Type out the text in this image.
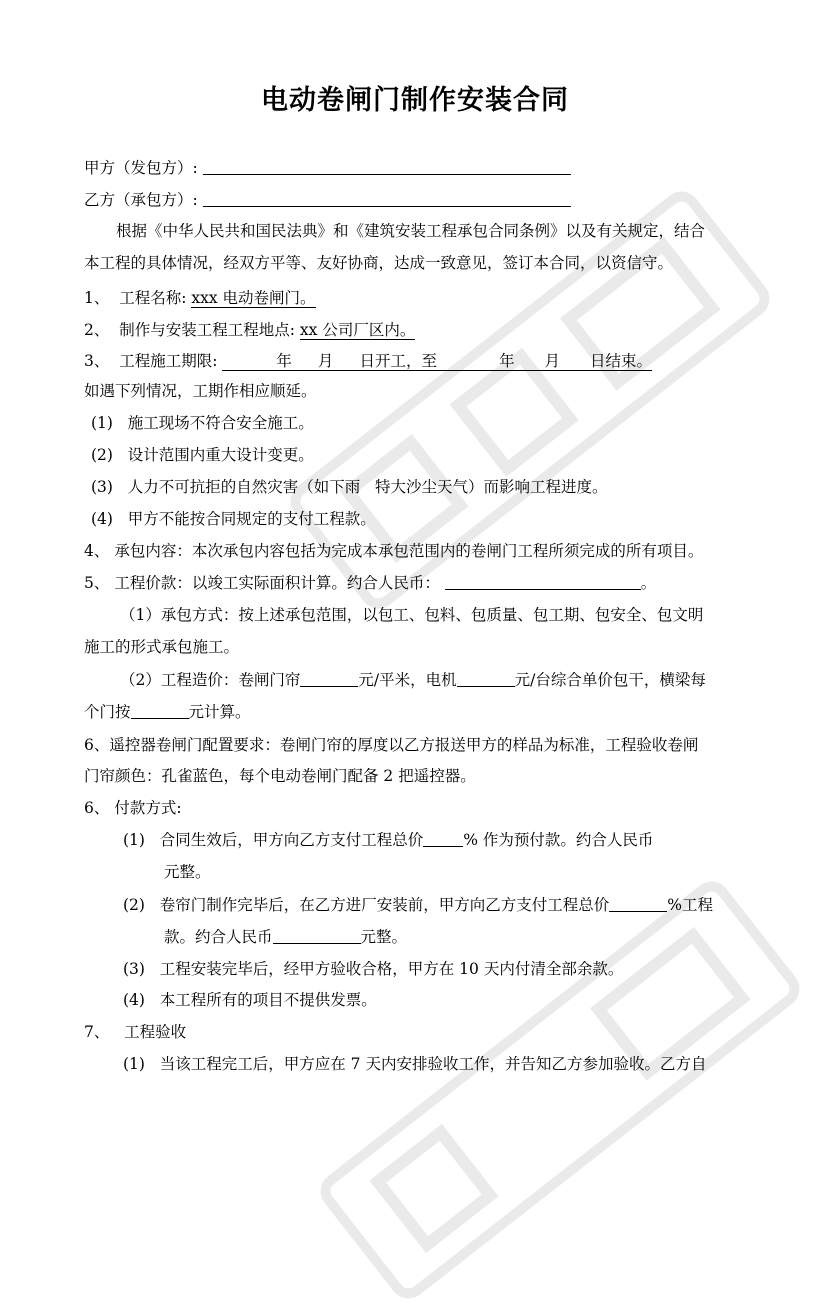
电动卷闸门制作安装合同
甲方（发包方）:
乙方（承包方）:
根据《中华人民共和国民法典》和《建筑安装工程承包合同条例》以及有关规定，结合
本工程的具体情况，经双方平等、友好协商，达成一致意见，签订本合同，以资信守。
1、 工程名称: xxx 电动卷闸门。
2、 制作与安装工程工程地点: xx 公司厂区内。
3、 工程施工期限:	年 月 日开工，至	年 月 日结束。
如遇下列情况，工期作相应顺延。
(1) 施工现场不符合安全施工。
(2) 设计范围内重大设计变更。
(3) 人力不可抗拒的自然灾害（如下雨   特大沙尘天气）而影响工程进度。
(4) 甲方不能按合同规定的支付工程款。
4、 承包内容：本次承包内容包括为完成本承包范围内的卷闸门工程所须完成的所有项目。
5、 工程价款：以竣工实际面积计算。约合人民币：	。
（1）承包方式：按上述承包范围，以包工、包料、包质量、包工期、包安全、包文明
施工的形式承包施工。
（2）工程造价：卷闸门帘	元/平米，电机	元/台综合单价包干，横梁每
个门按	元计算。
6、遥控器卷闸门配置要求：卷闸门帘的厚度以乙方报送甲方的样品为标准，工程验收卷闸
门帘颜色：孔雀蓝色，每个电动卷闸门配备 2 把遥控器。
6、 付款方式:
(1) 合同生效后，甲方向乙方支付工程总价	% 作为预付款。约合人民币
元整。
(2) 卷帘门制作完毕后，在乙方进厂安装前，甲方向乙方支付工程总价	%工程
款。约合人民币	元整。
(3) 工程安装完毕后，经甲方验收合格，甲方在 10 天内付清全部余款。
(4) 本工程所有的项目不提供发票。
7、 工程验收
(1) 当该工程完工后，甲方应在 7 天内安排验收工作，并告知乙方参加验收。乙方自
